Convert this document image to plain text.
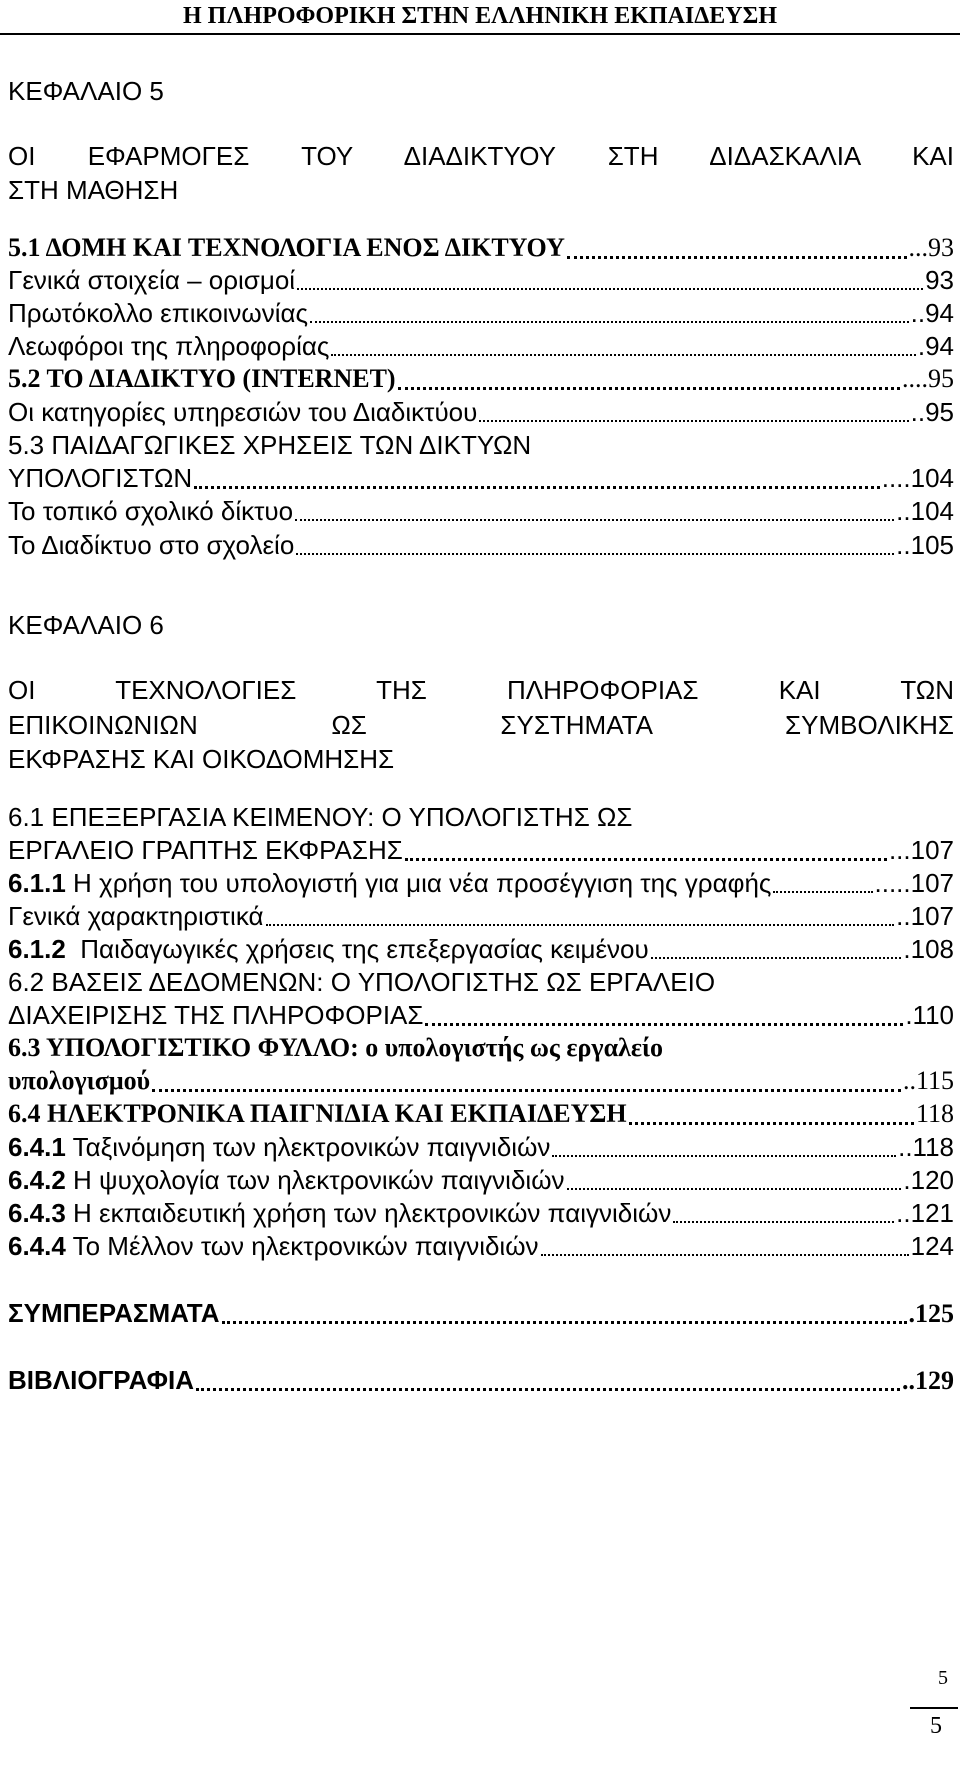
Η ΠΛΗΡΟΦΟΡΙΚΗ ΣΤΗΝ ΕΛΛΗΝΙΚΗ ΕΚΠΑΙΔΕΥΣΗ
ΚΕΦΑΛΑΙΟ 5
ΟΙ ΕΦΑΡΜΟΓΕΣ ΤΟΥ ΔΙΑΔΙΚΤΥΟΥ ΣΤΗ ΔΙΔΑΣΚΑΛΙΑ ΚΑΙ
ΣΤΗ ΜΑΘΗΣΗ
5.1 ΔΟΜΗ ΚΑΙ ΤΕΧΝΟΛΟΓΙΑ ΕΝΟΣ ΔΙΚΤΥΟΥ	...93
Γενικά στοιχεία – ορισμοί	93
Πρωτόκολλο επικοινωνίας	..94
Λεωφόροι της πληροφορίας	.94
5.2 ΤΟ ΔΙΑΔΙΚΤΥΟ (INTERNET)	....95
Οι κατηγορίες υπηρεσιών του Διαδικτύου	..95
5.3 ΠΑΙΔΑΓΩΓΙΚΕΣ ΧΡΗΣΕΙΣ ΤΩΝ ΔΙΚΤΥΩΝ
ΥΠΟΛΟΓΙΣΤΩΝ	....104
Το τοπικό σχολικό δίκτυο	..104
Το Διαδίκτυο στο σχολείο	..105
ΚΕΦΑΛΑΙΟ 6
ΟΙ ΤΕΧΝΟΛΟΓΙΕΣ ΤΗΣ ΠΛΗΡΟΦΟΡΙΑΣ ΚΑΙ ΤΩΝ
ΕΠΙΚΟΙΝΩΝΙΩΝ ΩΣ ΣΥΣΤΗΜΑΤΑ ΣΥΜΒΟΛΙΚΗΣ
ΕΚΦΡΑΣΗΣ ΚΑΙ ΟΙΚΟΔΟΜΗΣΗΣ
6.1 ΕΠΕΞΕΡΓΑΣΙΑ ΚΕΙΜΕΝΟΥ: Ο ΥΠΟΛΟΓΙΣΤΗΣ ΩΣ
ΕΡΓΑΛΕΙΟ ΓΡΑΠΤΗΣ ΕΚΦΡΑΣΗΣ	...107
6.1.1 Η χρήση του υπολογιστή για μια νέα προσέγγιση της γραφής	.....107
Γενικά χαρακτηριστικά	..107
6.1.2  Παιδαγωγικές χρήσεις της επεξεργασίας κειμένου	.108
6.2 ΒΑΣΕΙΣ ΔΕΔΟΜΕΝΩΝ: Ο ΥΠΟΛΟΓΙΣΤΗΣ ΩΣ ΕΡΓΑΛΕΙΟ
ΔΙΑΧΕΙΡΙΣΗΣ ΤΗΣ ΠΛΗΡΟΦΟΡΙΑΣ	.110
6.3 ΥΠΟΛΟΓΙΣΤΙΚΟ ΦΥΛΛΟ: ο υπολογιστής ως εργαλείο
υπολογισμού	..115
6.4 ΗΛΕΚΤΡΟΝΙΚΑ ΠΑΙΓΝΙΔΙΑ ΚΑΙ ΕΚΠΑΙΔΕΥΣΗ	118
6.4.1 Ταξινόμηση των ηλεκτρονικών παιγνιδιών	..118
6.4.2 Η ψυχολογία των ηλεκτρονικών παιγνιδιών	.120
6.4.3 Η εκπαιδευτική χρήση των ηλεκτρονικών παιγνιδιών	..121
6.4.4 Το Μέλλον των ηλεκτρονικών παιγνιδιών	124
ΣΥΜΠΕΡΑΣΜΑΤΑ	.125
ΒΙΒΛΙΟΓΡΑΦΙΑ	..129
5
5
